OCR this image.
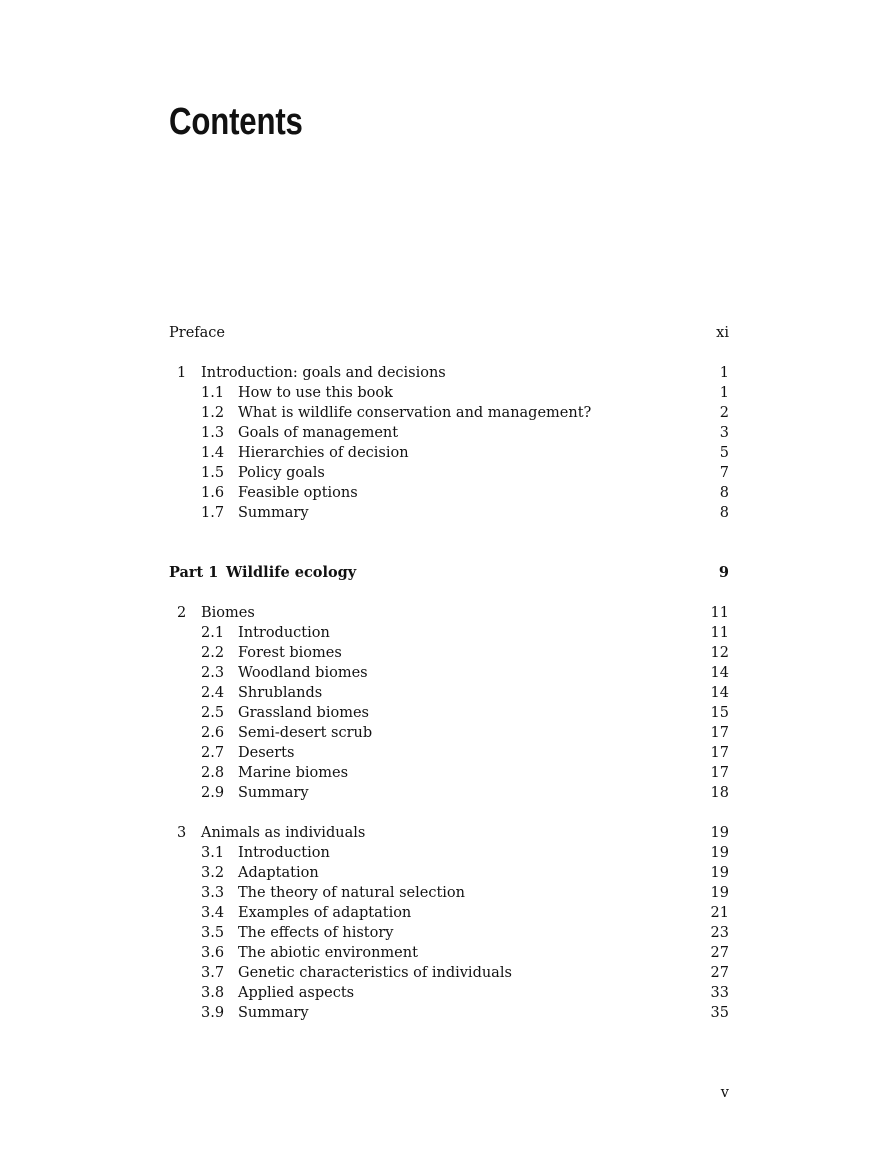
Contents
Preface	xi
1 Introduction: goals and decisions	1
1.1 How to use this book	1
1.2 What is wildlife conservation and management?	2
1.3 Goals of management	3
1.4 Hierarchies of decision	5
1.5 Policy goals	7
1.6 Feasible options	8
1.7 Summary	8
Part 1 Wildlife ecology	9
2 Biomes	11
2.1 Introduction	11
2.2 Forest biomes	12
2.3 Woodland biomes	14
2.4 Shrublands	14
2.5 Grassland biomes	15
2.6 Semi-desert scrub	17
2.7 Deserts	17
2.8 Marine biomes	17
2.9 Summary	18
3 Animals as individuals	19
3.1 Introduction	19
3.2 Adaptation	19
3.3 The theory of natural selection	19
3.4 Examples of adaptation	21
3.5 The effects of history	23
3.6 The abiotic environment	27
3.7 Genetic characteristics of individuals	27
3.8 Applied aspects	33
3.9 Summary	35
v
